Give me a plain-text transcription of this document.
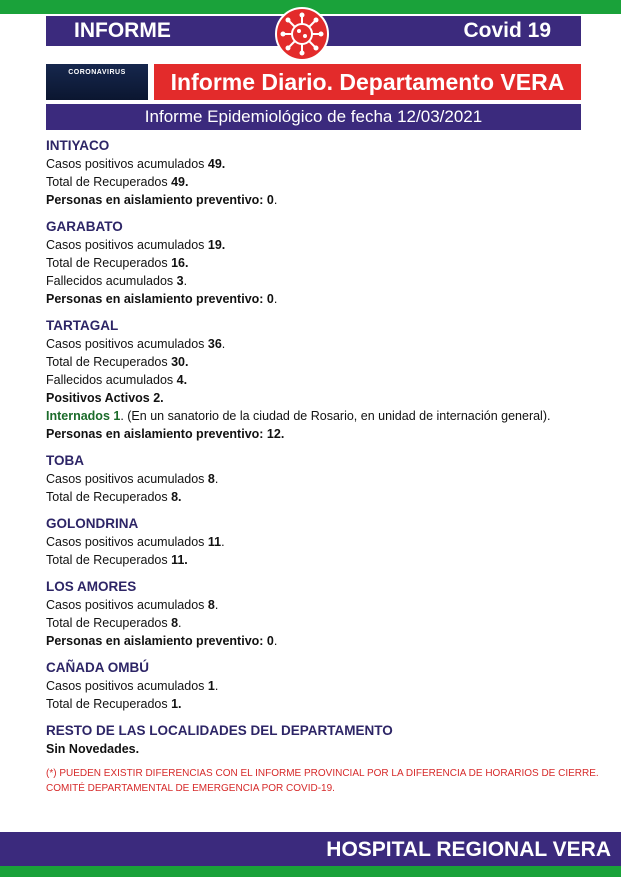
INFORME	Covid 19
CORONAVIRUS	Informe Diario. Departamento VERA
Informe Epidemiológico de fecha 12/03/2021
INTIYACO
Casos positivos acumulados 49.
Total de Recuperados 49.
Personas en aislamiento preventivo: 0.
GARABATO
Casos positivos acumulados 19.
Total de Recuperados 16.
Fallecidos acumulados 3.
Personas en aislamiento preventivo: 0.
TARTAGAL
Casos positivos acumulados 36.
Total de Recuperados 30.
Fallecidos acumulados 4.
Positivos Activos 2.
Internados 1. (En un sanatorio de la ciudad de Rosario, en unidad de internación general).
Personas en aislamiento preventivo: 12.
TOBA
Casos positivos acumulados 8.
Total de Recuperados 8.
GOLONDRINA
Casos positivos acumulados 11.
Total de Recuperados 11.
LOS AMORES
Casos positivos acumulados 8.
Total de Recuperados 8.
Personas en aislamiento preventivo: 0.
CAÑADA OMBÚ
Casos positivos acumulados 1.
Total de Recuperados 1.
RESTO DE LAS LOCALIDADES DEL DEPARTAMENTO
Sin Novedades.
(*) PUEDEN EXISTIR DIFERENCIAS CON EL INFORME PROVINCIAL POR LA DIFERENCIA DE HORARIOS DE CIERRE.
COMITÉ DEPARTAMENTAL DE EMERGENCIA POR COVID-19.
HOSPITAL REGIONAL VERA
